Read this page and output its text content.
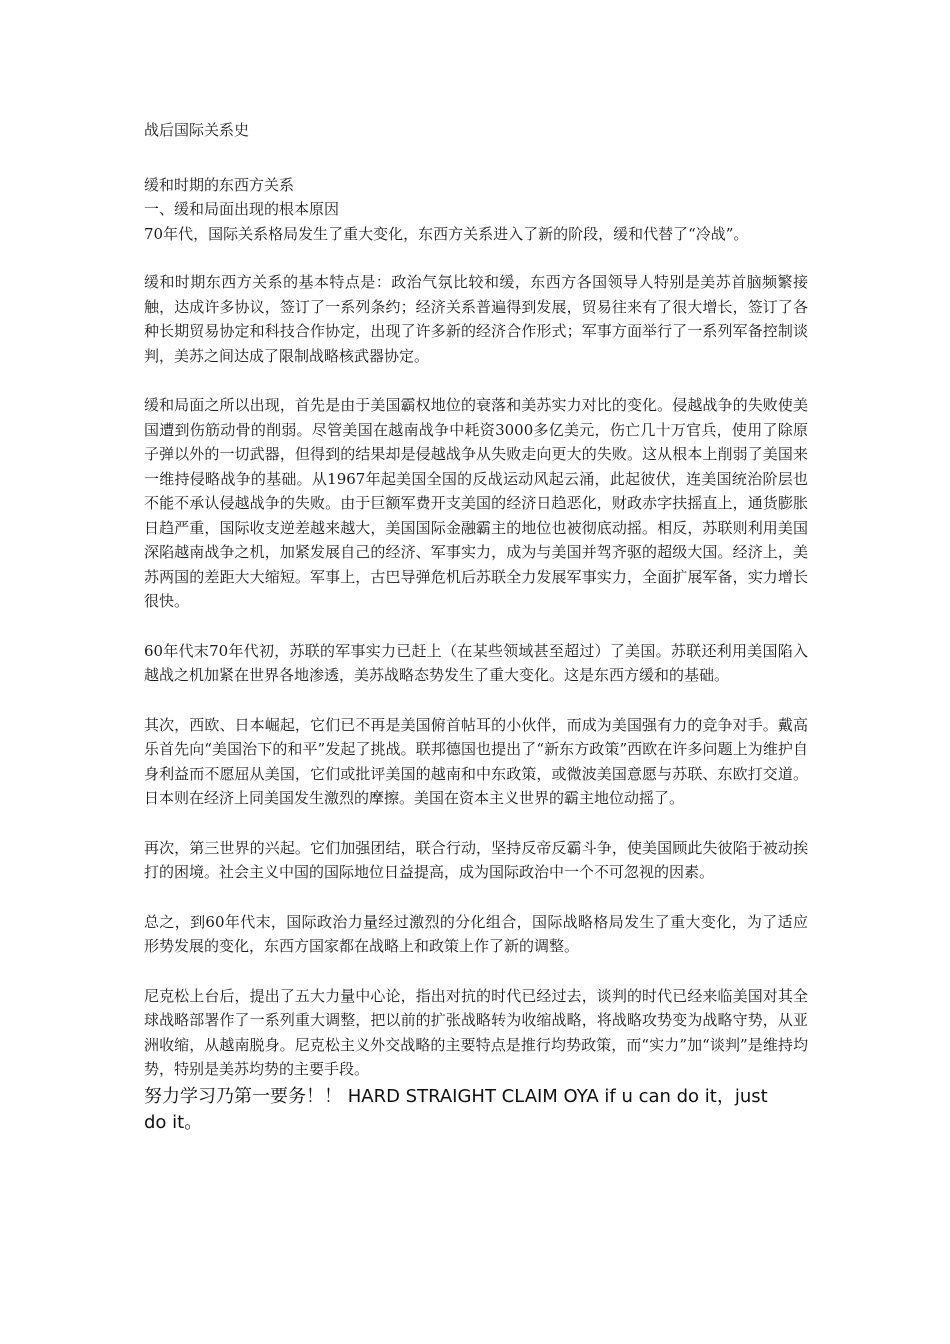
战后国际关系史
缓和时期的东西方关系
一、缓和局面出现的根本原因

70年代，国际关系格局发生了重大变化，东西方关系进入了新的阶段，缓和代替了“冷战”。

缓和时期东西方关系的基本特点是：政治气氛比较和缓，东西方各国领导人特别是美苏首脑频繁接触，达成许多协议，签订了一系列条约；经济关系普遍得到发展，贸易往来有了很大增长，签订了各种长期贸易协定和科技合作协定，出现了许多新的经济合作形式；军事方面举行了一系列军备控制谈判，美苏之间达成了限制战略核武器协定。

缓和局面之所以出现，首先是由于美国霸权地位的衰落和美苏实力对比的变化。侵越战争的失败使美国遭到伤筋动骨的削弱。尽管美国在越南战争中耗资3000多亿美元，伤亡几十万官兵，使用了除原子弹以外的一切武器，但得到的结果却是侵越战争从失败走向更大的失败。这从根本上削弱了美国来一维持侵略战争的基础。从1967年起美国全国的反战运动风起云涌，此起彼伏，连美国统治阶层也不能不承认侵越战争的失败。由于巨额军费开支美国的经济日趋恶化，财政赤字扶摇直上，通货膨胀日趋严重，国际收支逆差越来越大，美国国际金融霸主的地位也被彻底动摇。相反，苏联则利用美国深陷越南战争之机，加紧发展自己的经济、军事实力，成为与美国并驾齐驱的超级大国。经济上，美苏两国的差距大大缩短。军事上，古巴导弹危机后苏联全力发展军事实力，全面扩展军备，实力增长很快。

60年代末70年代初，苏联的军事实力已赶上（在某些领域甚至超过）了美国。苏联还利用美国陷入越战之机加紧在世界各地渗透，美苏战略态势发生了重大变化。这是东西方缓和的基础。

其次，西欧、日本崛起，它们已不再是美国俯首帖耳的小伙伴，而成为美国强有力的竞争对手。戴高乐首先向“美国治下的和平”发起了挑战。联邦德国也提出了“新东方政策”西欧在许多问题上为维护自身利益而不愿屈从美国，它们或批评美国的越南和中东政策，或微波美国意愿与苏联、东欧打交道。日本则在经济上同美国发生激烈的摩擦。美国在资本主义世界的霸主地位动摇了。

再次，第三世界的兴起。它们加强团结，联合行动，坚持反帝反霸斗争，使美国顾此失彼陷于被动挨打的困境。社会主义中国的国际地位日益提高，成为国际政治中一个不可忽视的因素。

总之，到60年代末，国际政治力量经过激烈的分化组合，国际战略格局发生了重大变化，为了适应形势发展的变化，东西方国家都在战略上和政策上作了新的调整。

尼克松上台后，提出了五大力量中心论，指出对抗的时代已经过去，谈判的时代已经来临美国对其全球战略部署作了一系列重大调整，把以前的扩张战略转为收缩战略，将战略攻势变为战略守势，从亚洲收缩，从越南脱身。尼克松主义外交战略的主要特点是推行均势政策，而“实力”加“谈判”是维持均势，特别是美苏均势的主要手段。

努力学习乃第一要务！！ HARD STRAIGHT CLAIM OYA if u can do it，just do it。
